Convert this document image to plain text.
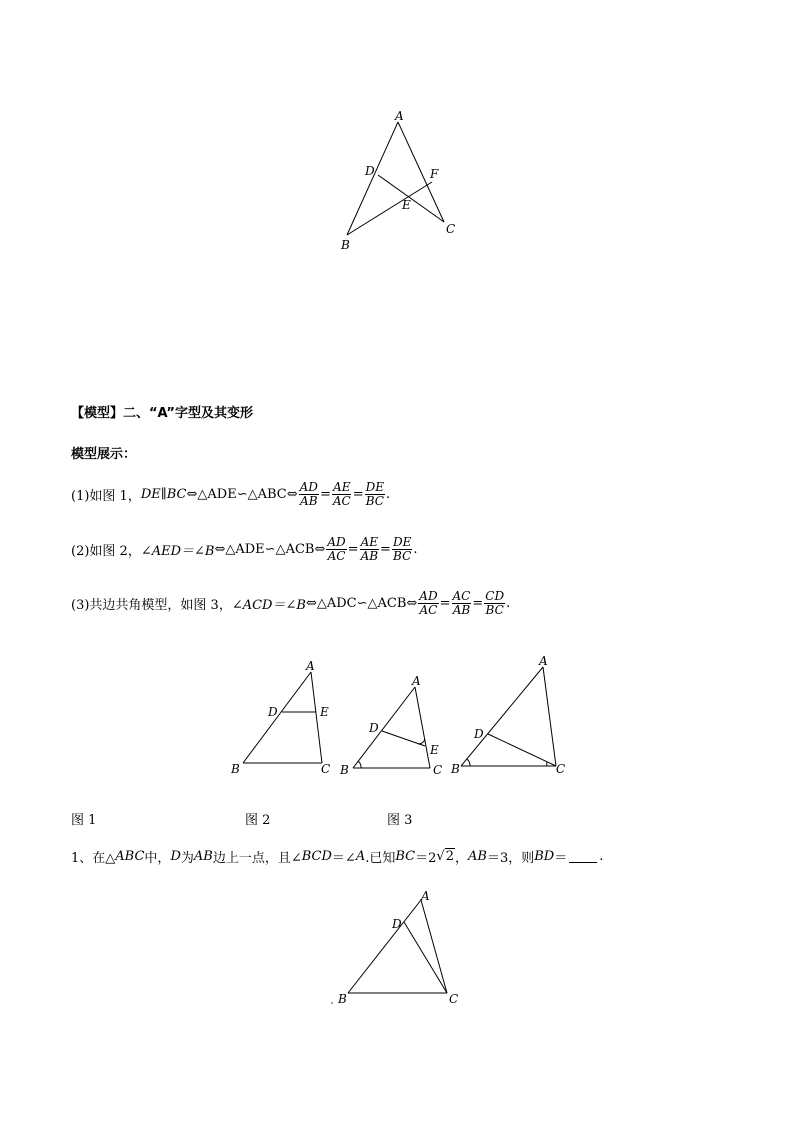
A
D	F
E
C
B
【模型】二、“A”字型及其变形
模型展示：
(1)如图 1， DE∥BC ⇔ △ADE∽△ABC ⇔ $\frac{AD}{AB} = \frac{AE}{AC} = \frac{DE}{BC}$ .
(2)如图 2， ∠AED＝∠B ⇔ △ADE∽△ACB ⇔ $\frac{AD}{AC} = \frac{AE}{AB} = \frac{DE}{BC}$ .
(3)共边共角模型，如图 3， ∠ACD＝∠B ⇔ △ADC∽△ACB ⇔ $\frac{AD}{AC} = \frac{AC}{AB} = \frac{CD}{BC}$ .
A
D	E
B	C
A
D
E
B	C
A
D
B	C
图 1	图 2	图 3
1、 在△ ABC 中， D 为 AB 边上一点，且∠ BCD ＝∠ A .已知 BC ＝2 √2 ， AB ＝3，则 BD ＝ .
A
D
B	C
